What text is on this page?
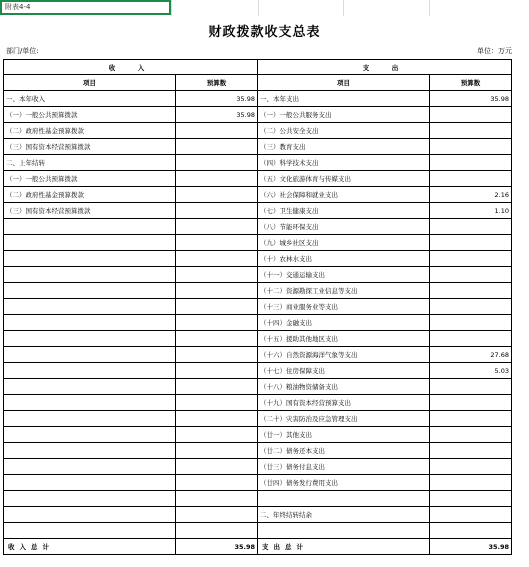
附表4-4
财政拨款收支总表
部门/单位:	单位：万元
收　入		支　出	
项目	预算数	项目	预算数
一、本年收入	35.98	一、本年支出	35.98
（一）一般公共预算拨款	35.98	（一）一般公共服务支出	
（二）政府性基金预算拨款		（二）公共安全支出	
（三）国有资本经营预算拨款		（三）教育支出	
二、上年结转		（四）科学技术支出	
（一）一般公共预算拨款		（五）文化旅游体育与传媒支出	
（二）政府性基金预算拨款		（六）社会保障和就业支出	2.16
（三）国有资本经营预算拨款		（七）卫生健康支出	1.10
		（八）节能环保支出	
		（九）城乡社区支出	
		（十）农林水支出	
		（十一）交通运输支出	
		（十二）资源勘探工业信息等支出	
		（十三）商业服务业等支出	
		（十四）金融支出	
		（十五）援助其他地区支出	
		（十六）自然资源海洋气象等支出	27.68
		（十七）住房保障支出	5.03
		（十八）粮油物资储备支出	
		（十九）国有资本经营预算支出	
		（二十）灾害防治及应急管理支出	
		（廿一）其他支出	
		（廿二）债务还本支出	
		（廿三）债务付息支出	
		（廿四）债务发行费用支出	

		二、年终结转结余	

收入总计	35.98	支出总计	35.98
